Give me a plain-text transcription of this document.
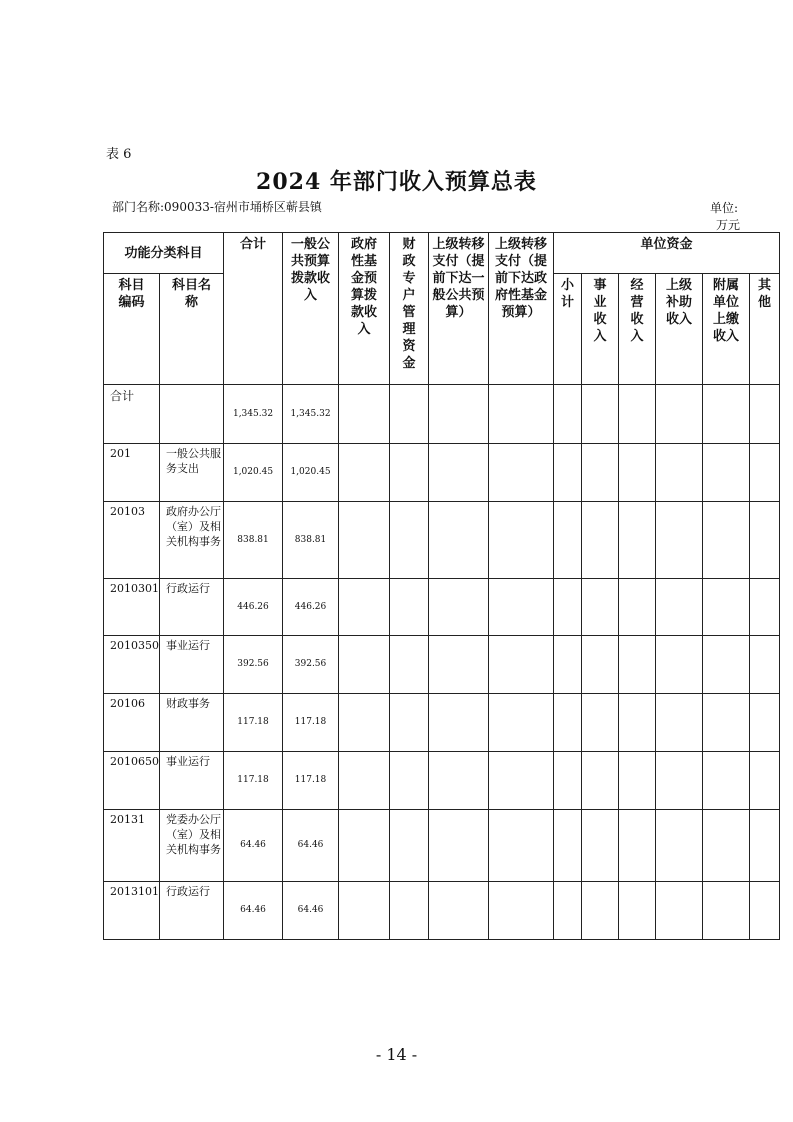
表 6
2024 年部门收入预算总表
部门名称:090033-宿州市埇桥区蕲县镇	单位:
万元
功能分类科目		合计	一般公共预算拨款收入	政府性基金预算拨款收入	财政专户管理资金	上级转移支付（提前下达一般公共预算）	上级转移支付（提前下达政府性基金预算）	单位资金					
科目编码	科目名称							小计	事业收入	经营收入	上级补助收入	附属单位上缴收入	其他
合计		1,345.32	1,345.32										
201	一般公共服务支出	1,020.45	1,020.45										
20103	政府办公厅（室）及相关机构事务	838.81	838.81										
2010301	行政运行	446.26	446.26										
2010350	事业运行	392.56	392.56										
20106	财政事务	117.18	117.18										
2010650	事业运行	117.18	117.18										
20131	党委办公厅（室）及相关机构事务	64.46	64.46										
2013101	行政运行	64.46	64.46										
- 14 -
